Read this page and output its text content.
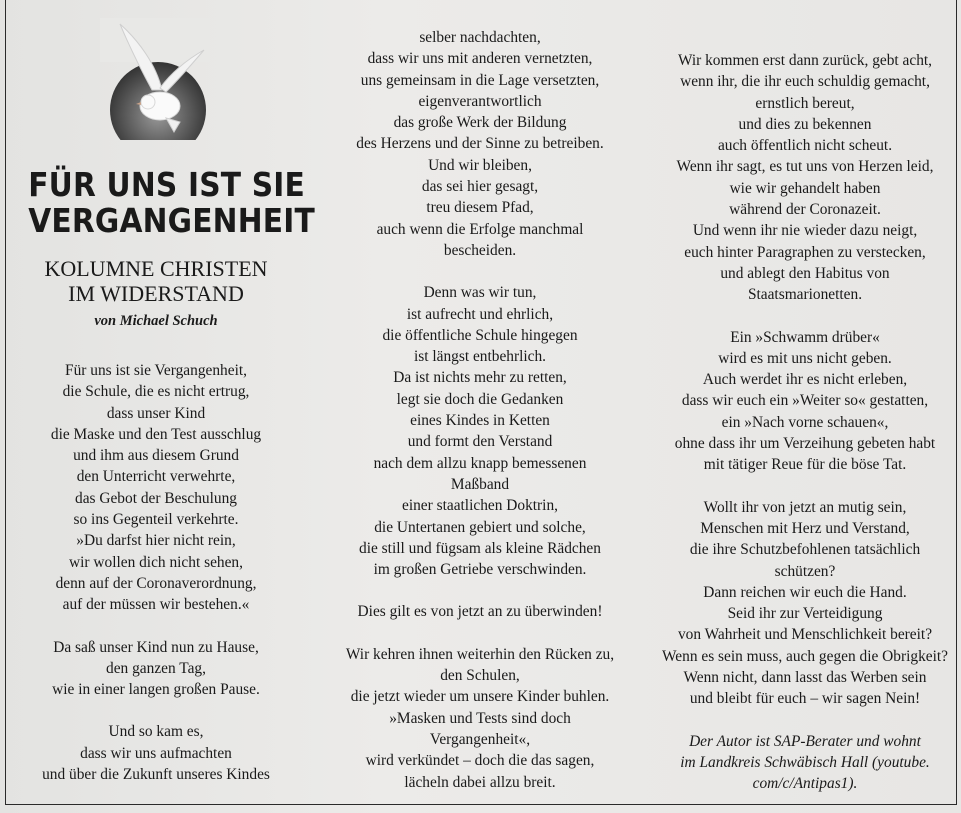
FÜR UNS IST SIE
VERGANGENHEIT
KOLUMNE CHRISTEN
IM WIDERSTAND
von Michael Schuch

Für uns ist sie Vergangenheit,
die Schule, die es nicht ertrug,
dass unser Kind
die Maske und den Test ausschlug
und ihm aus diesem Grund
den Unterricht verwehrte,
das Gebot der Beschulung
so ins Gegenteil verkehrte.
»Du darfst hier nicht rein,
wir wollen dich nicht sehen,
denn auf der Coronaverordnung,
auf der müssen wir bestehen.«

Da saß unser Kind nun zu Hause,
den ganzen Tag,
wie in einer langen großen Pause.

Und so kam es,
dass wir uns aufmachten
und über die Zukunft unseres Kindes

selber nachdachten,
dass wir uns mit anderen vernetzten,
uns gemeinsam in die Lage versetzten,
eigenverantwortlich
das große Werk der Bildung
des Herzens und der Sinne zu betreiben.
Und wir bleiben,
das sei hier gesagt,
treu diesem Pfad,
auch wenn die Erfolge manchmal
bescheiden.

Denn was wir tun,
ist aufrecht und ehrlich,
die öffentliche Schule hingegen
ist längst entbehrlich.
Da ist nichts mehr zu retten,
legt sie doch die Gedanken
eines Kindes in Ketten
und formt den Verstand
nach dem allzu knapp bemessenen
Maßband
einer staatlichen Doktrin,
die Untertanen gebiert und solche,
die still und fügsam als kleine Rädchen
im großen Getriebe verschwinden.

Dies gilt es von jetzt an zu überwinden!

Wir kehren ihnen weiterhin den Rücken zu,
den Schulen,
die jetzt wieder um unsere Kinder buhlen.
»Masken und Tests sind doch
Vergangenheit«,
wird verkündet – doch die das sagen,
lächeln dabei allzu breit.

Wir kommen erst dann zurück, gebt acht,
wenn ihr, die ihr euch schuldig gemacht,
ernstlich bereut,
und dies zu bekennen
auch öffentlich nicht scheut.
Wenn ihr sagt, es tut uns von Herzen leid,
wie wir gehandelt haben
während der Coronazeit.
Und wenn ihr nie wieder dazu neigt,
euch hinter Paragraphen zu verstecken,
und ablegt den Habitus von
Staatsmarionetten.

Ein »Schwamm drüber«
wird es mit uns nicht geben.
Auch werdet ihr es nicht erleben,
dass wir euch ein »Weiter so« gestatten,
ein »Nach vorne schauen«,
ohne dass ihr um Verzeihung gebeten habt
mit tätiger Reue für die böse Tat.

Wollt ihr von jetzt an mutig sein,
Menschen mit Herz und Verstand,
die ihre Schutzbefohlenen tatsächlich
schützen?
Dann reichen wir euch die Hand.
Seid ihr zur Verteidigung
von Wahrheit und Menschlichkeit bereit?
Wenn es sein muss, auch gegen die Obrigkeit?
Wenn nicht, dann lasst das Werben sein
und bleibt für euch – wir sagen Nein!

Der Autor ist SAP-Berater und wohnt
im Landkreis Schwäbisch Hall (youtube.
com/c/Antipas1).
